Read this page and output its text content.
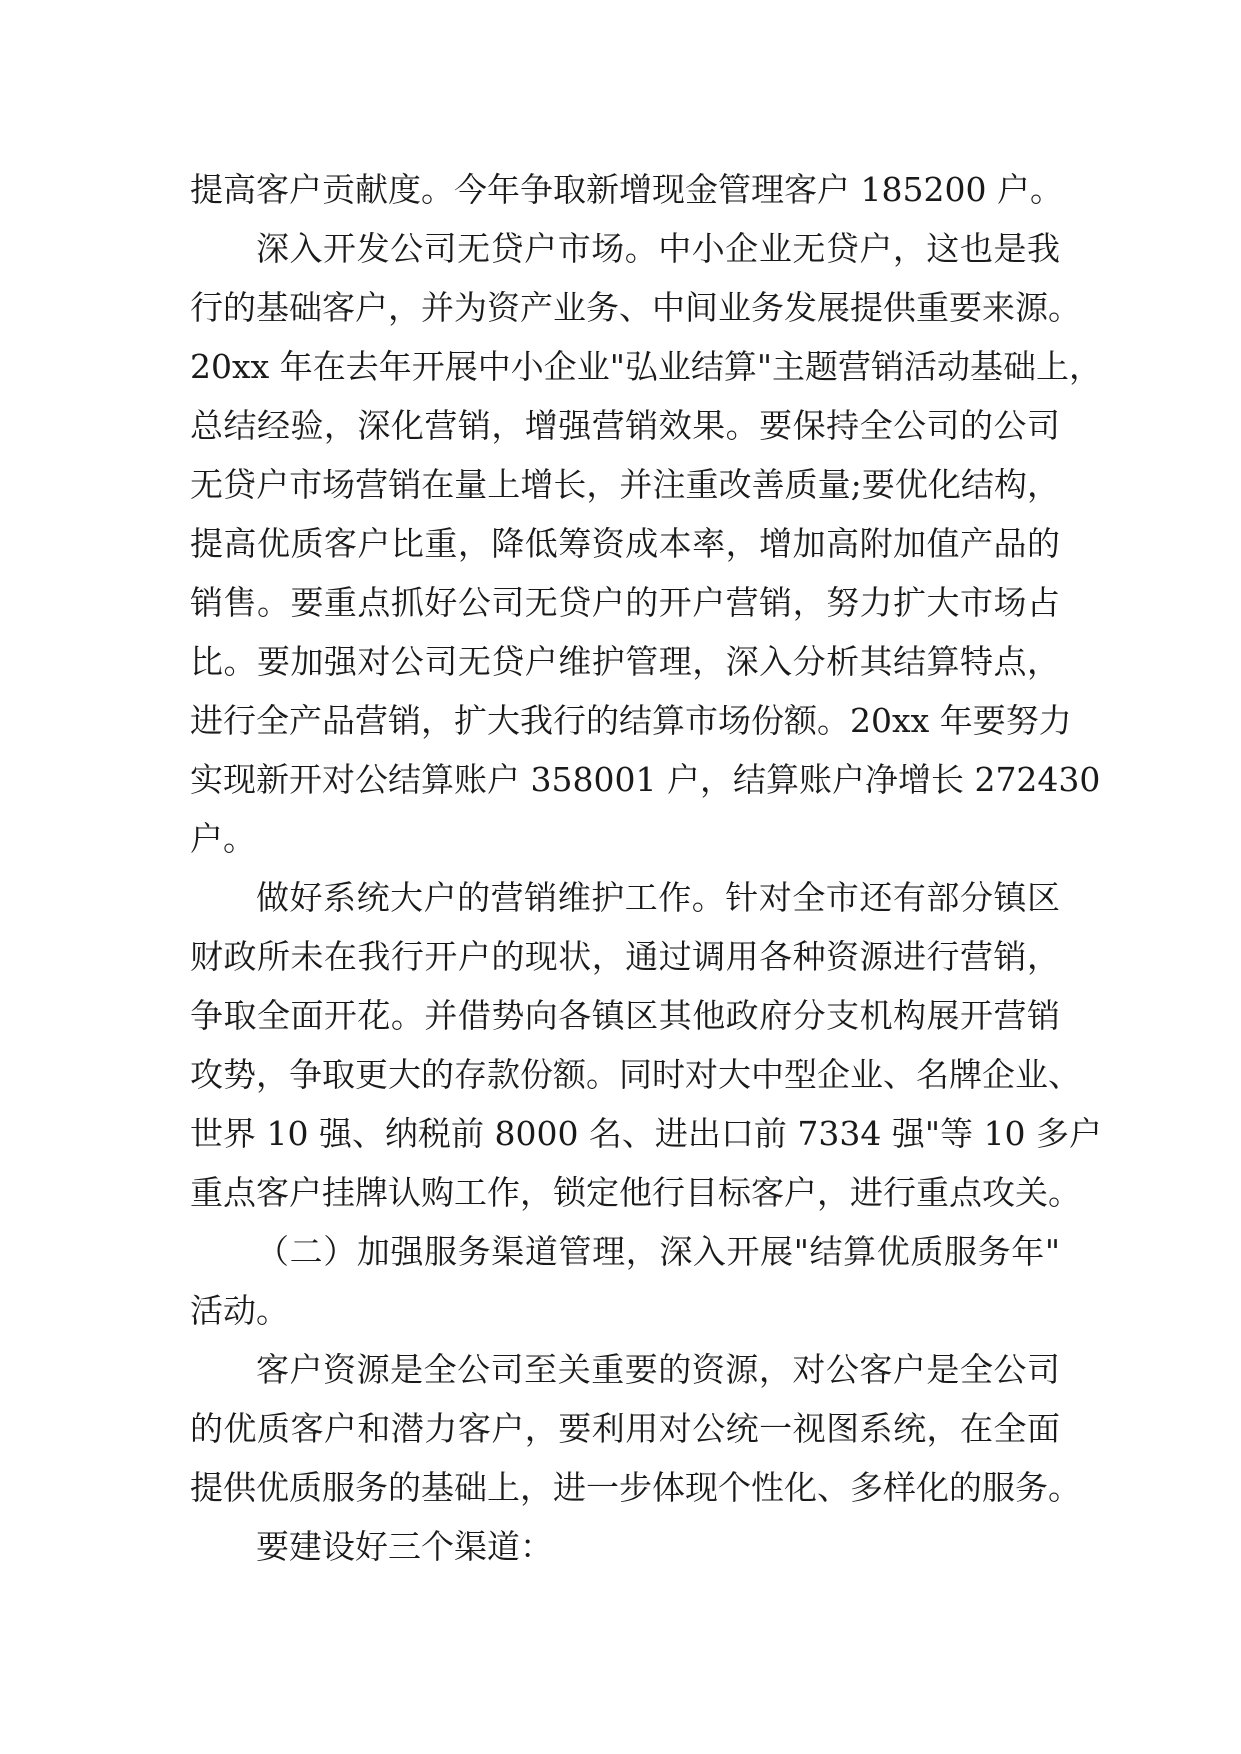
提高客户贡献度。今年争取新增现金管理客户 185200 户。
深入开发公司无贷户市场。中小企业无贷户，这也是我
行的基础客户，并为资产业务、中间业务发展提供重要来源。
20xx 年在去年开展中小企业"弘业结算"主题营销活动基础上，
总结经验，深化营销，增强营销效果。要保持全公司的公司
无贷户市场营销在量上增长，并注重改善质量;要优化结构，
提高优质客户比重，降低筹资成本率，增加高附加值产品的
销售。要重点抓好公司无贷户的开户营销，努力扩大市场占
比。要加强对公司无贷户维护管理，深入分析其结算特点，
进行全产品营销，扩大我行的结算市场份额。20xx 年要努力
实现新开对公结算账户 358001 户，结算账户净增长 272430
户。
做好系统大户的营销维护工作。针对全市还有部分镇区
财政所未在我行开户的现状，通过调用各种资源进行营销，
争取全面开花。并借势向各镇区其他政府分支机构展开营销
攻势，争取更大的存款份额。同时对大中型企业、名牌企业、
世界 10 强、纳税前 8000 名、进出口前 7334 强"等 10 多户
重点客户挂牌认购工作，锁定他行目标客户，进行重点攻关。
（二）加强服务渠道管理，深入开展"结算优质服务年"
活动。
客户资源是全公司至关重要的资源，对公客户是全公司
的优质客户和潜力客户，要利用对公统一视图系统，在全面
提供优质服务的基础上，进一步体现个性化、多样化的服务。
要建设好三个渠道：
